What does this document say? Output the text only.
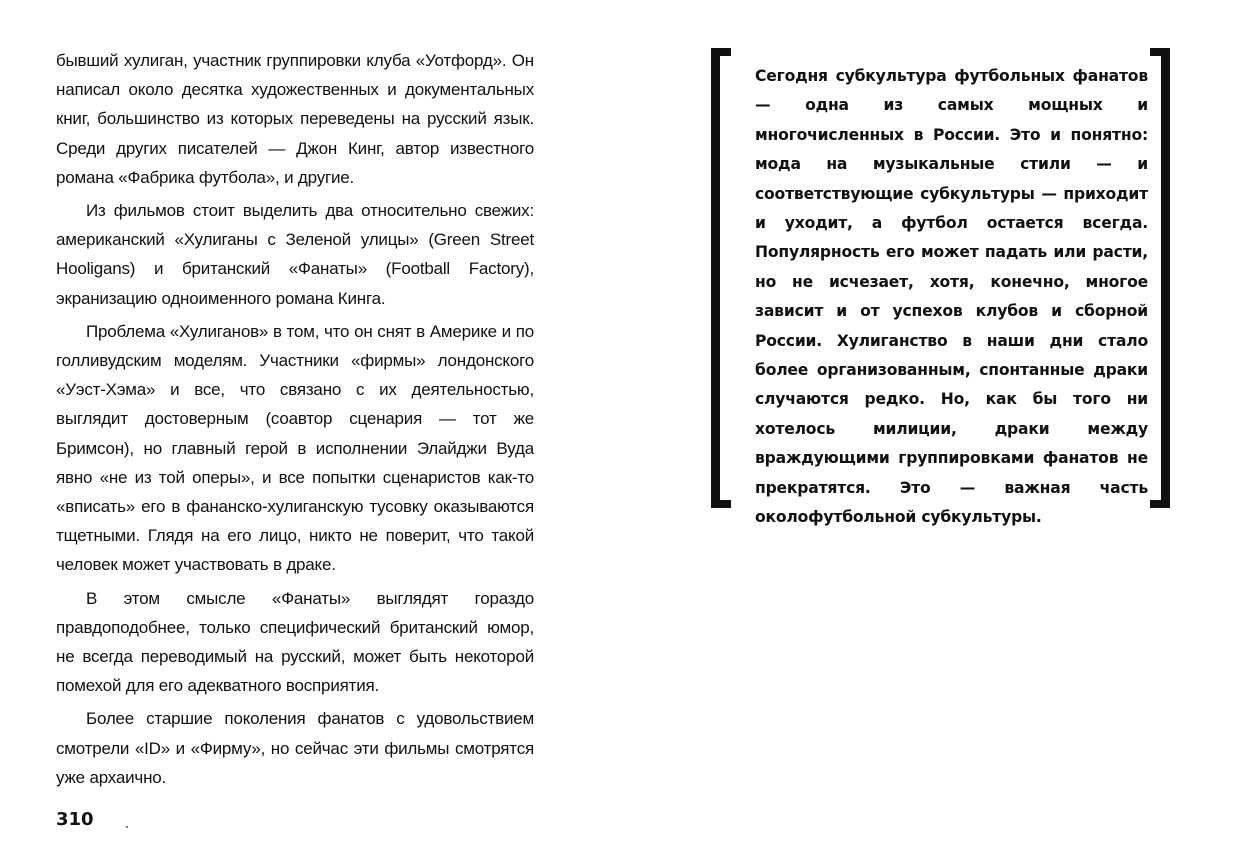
бывший хулиган, участник группировки клуба «Уотфорд». Он написал около десятка художественных и документальных книг, большинство из которых переведены на русский язык. Среди других писателей — Джон Кинг, автор известного романа «Фабрика футбола», и другие.

Из фильмов стоит выделить два относительно свежих: американский «Хулиганы с Зеленой улицы» (Green Street Hooligans) и британский «Фанаты» (Football Factory), экранизацию одноименного романа Кинга.

Проблема «Хулиганов» в том, что он снят в Америке и по голливудским моделям. Участники «фирмы» лондонского «Уэст-Хэма» и все, что связано с их деятельностью, выглядит достоверным (соавтор сценария — тот же Бримсон), но главный герой в исполнении Элайджи Вуда явно «не из той оперы», и все попытки сценаристов как-то «вписать» его в фананско-хулиганскую тусовку оказываются тщетными. Глядя на его лицо, никто не поверит, что такой человек может участвовать в драке.

В этом смысле «Фанаты» выглядят гораздо правдоподобнее, только специфический британский юмор, не всегда переводимый на русский, может быть некоторой помехой для его адекватного восприятия.

Более старшие поколения фанатов с удовольствием смотрели «ID» и «Фирму», но сейчас эти фильмы смотрятся уже архаично.

310

Сегодня субкультура футбольных фанатов — одна из самых мощных и многочисленных в России. Это и понятно: мода на музыкальные стили — и соответствующие субкультуры — приходит и уходит, а футбол остается всегда. Популярность его может падать или расти, но не исчезает, хотя, конечно, многое зависит и от успехов клубов и сборной России. Хулиганство в наши дни стало более организованным, спонтанные драки случаются редко. Но, как бы того ни хотелось милиции, драки между враждующими группировками фанатов не прекратятся. Это — важная часть околофутбольной субкультуры.
